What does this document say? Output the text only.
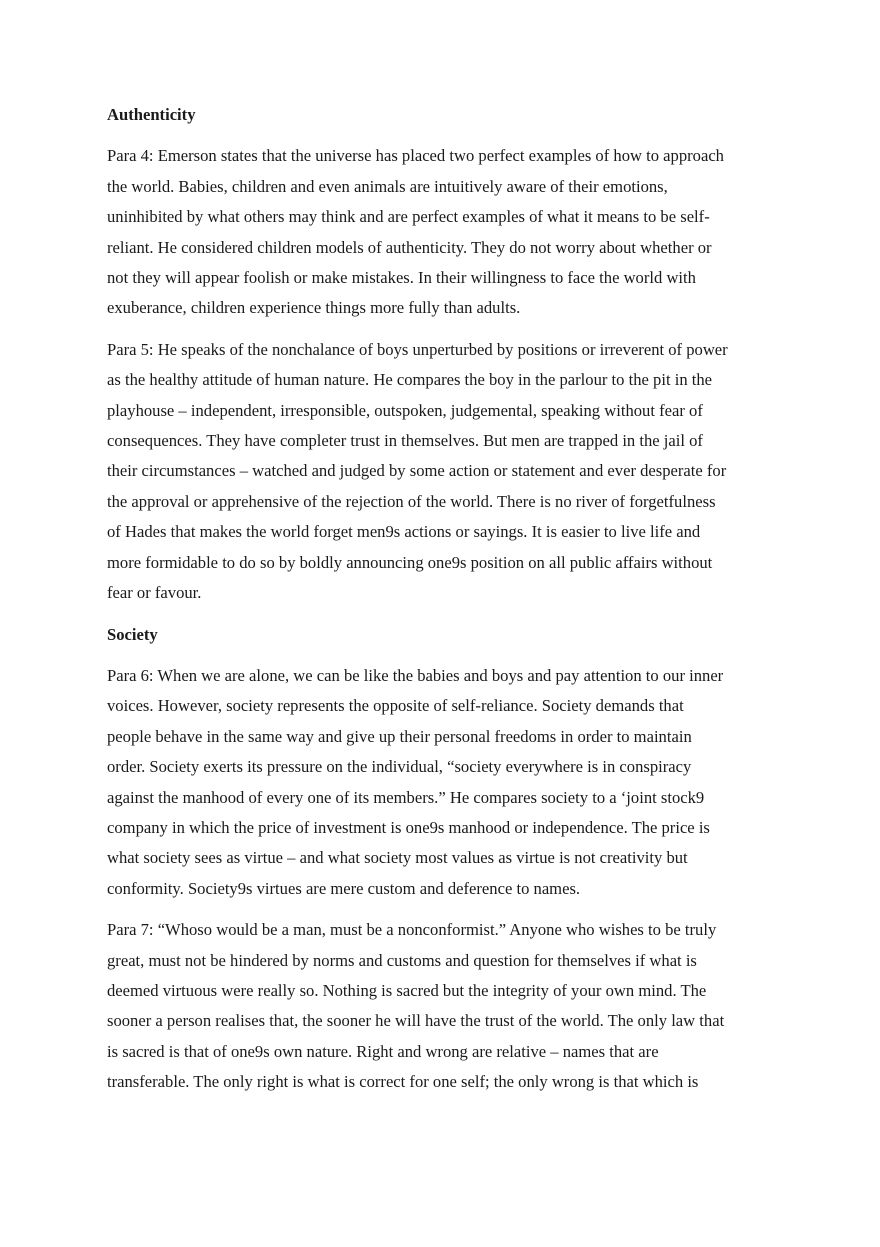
Authenticity
Para 4: Emerson states that the universe has placed two perfect examples of how to approach
the world. Babies, children and even animals are intuitively aware of their emotions,
uninhibited by what others may think and are perfect examples of what it means to be self-
reliant. He considered children models of authenticity. They do not worry about whether or
not they will appear foolish or make mistakes. In their willingness to face the world with
exuberance, children experience things more fully than adults.
Para 5: He speaks of the nonchalance of boys unperturbed by positions or irreverent of power
as the healthy attitude of human nature. He compares the boy in the parlour to the pit in the
playhouse – independent, irresponsible, outspoken, judgemental, speaking without fear of
consequences. They have completer trust in themselves. But men are trapped in the jail of
their circumstances – watched and judged by some action or statement and ever desperate for
the approval or apprehensive of the rejection of the world. There is no river of forgetfulness
of Hades that makes the world forget men9s actions or sayings. It is easier to live life and
more formidable to do so by boldly announcing one9s position on all public affairs without
fear or favour.
Society
Para 6: When we are alone, we can be like the babies and boys and pay attention to our inner
voices. However, society represents the opposite of self-reliance. Society demands that
people behave in the same way and give up their personal freedoms in order to maintain
order. Society exerts its pressure on the individual, “society everywhere is in conspiracy
against the manhood of every one of its members.” He compares society to a ‘joint stock9
company in which the price of investment is one9s manhood or independence. The price is
what society sees as virtue – and what society most values as virtue is not creativity but
conformity. Society9s virtues are mere custom and deference to names.
Para 7: “Whoso would be a man, must be a nonconformist.” Anyone who wishes to be truly
great, must not be hindered by norms and customs and question for themselves if what is
deemed virtuous were really so. Nothing is sacred but the integrity of your own mind. The
sooner a person realises that, the sooner he will have the trust of the world. The only law that
is sacred is that of one9s own nature. Right and wrong are relative – names that are
transferable. The only right is what is correct for one self; the only wrong is that which is
